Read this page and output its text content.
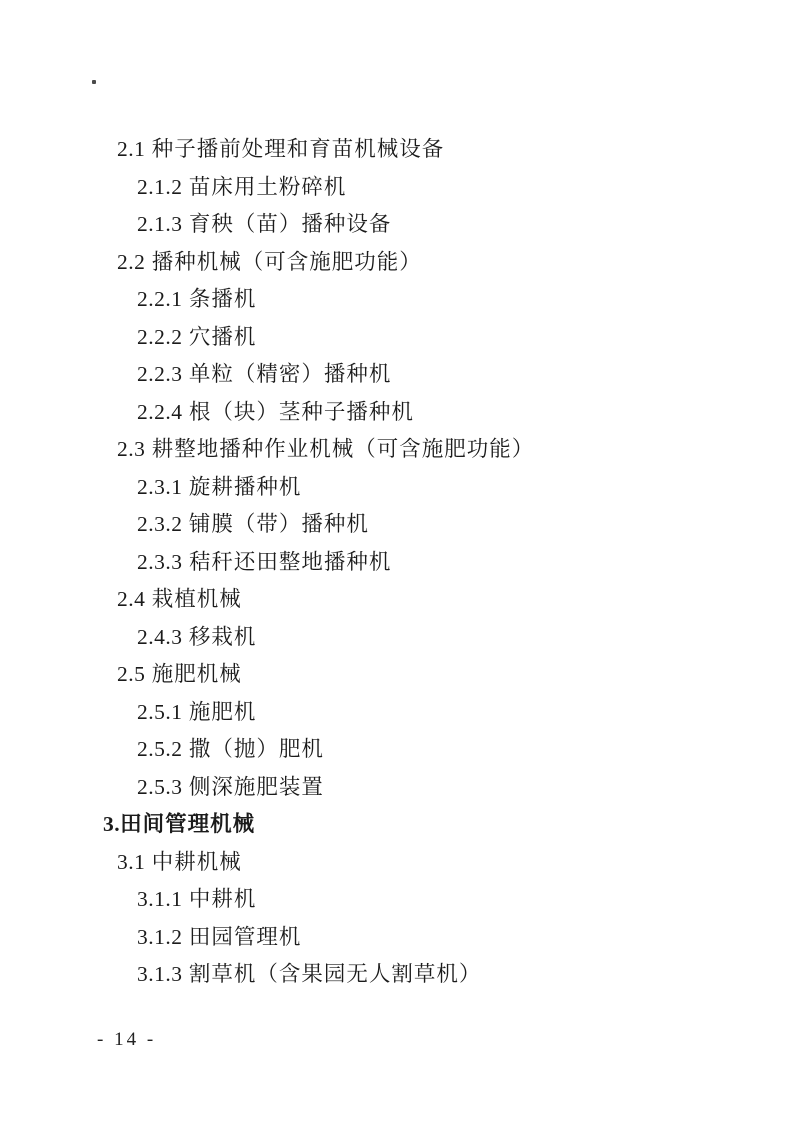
2.1 种子播前处理和育苗机械设备
2.1.2 苗床用土粉碎机
2.1.3 育秧（苗）播种设备
2.2 播种机械（可含施肥功能）
2.2.1 条播机
2.2.2 穴播机
2.2.3 单粒（精密）播种机
2.2.4 根（块）茎种子播种机
2.3 耕整地播种作业机械（可含施肥功能）
2.3.1 旋耕播种机
2.3.2 铺膜（带）播种机
2.3.3 秸秆还田整地播种机
2.4 栽植机械
2.4.3 移栽机
2.5 施肥机械
2.5.1 施肥机
2.5.2 撒（抛）肥机
2.5.3 侧深施肥装置
3.田间管理机械
3.1 中耕机械
3.1.1 中耕机
3.1.2 田园管理机
3.1.3 割草机（含果园无人割草机）
- 14 -
